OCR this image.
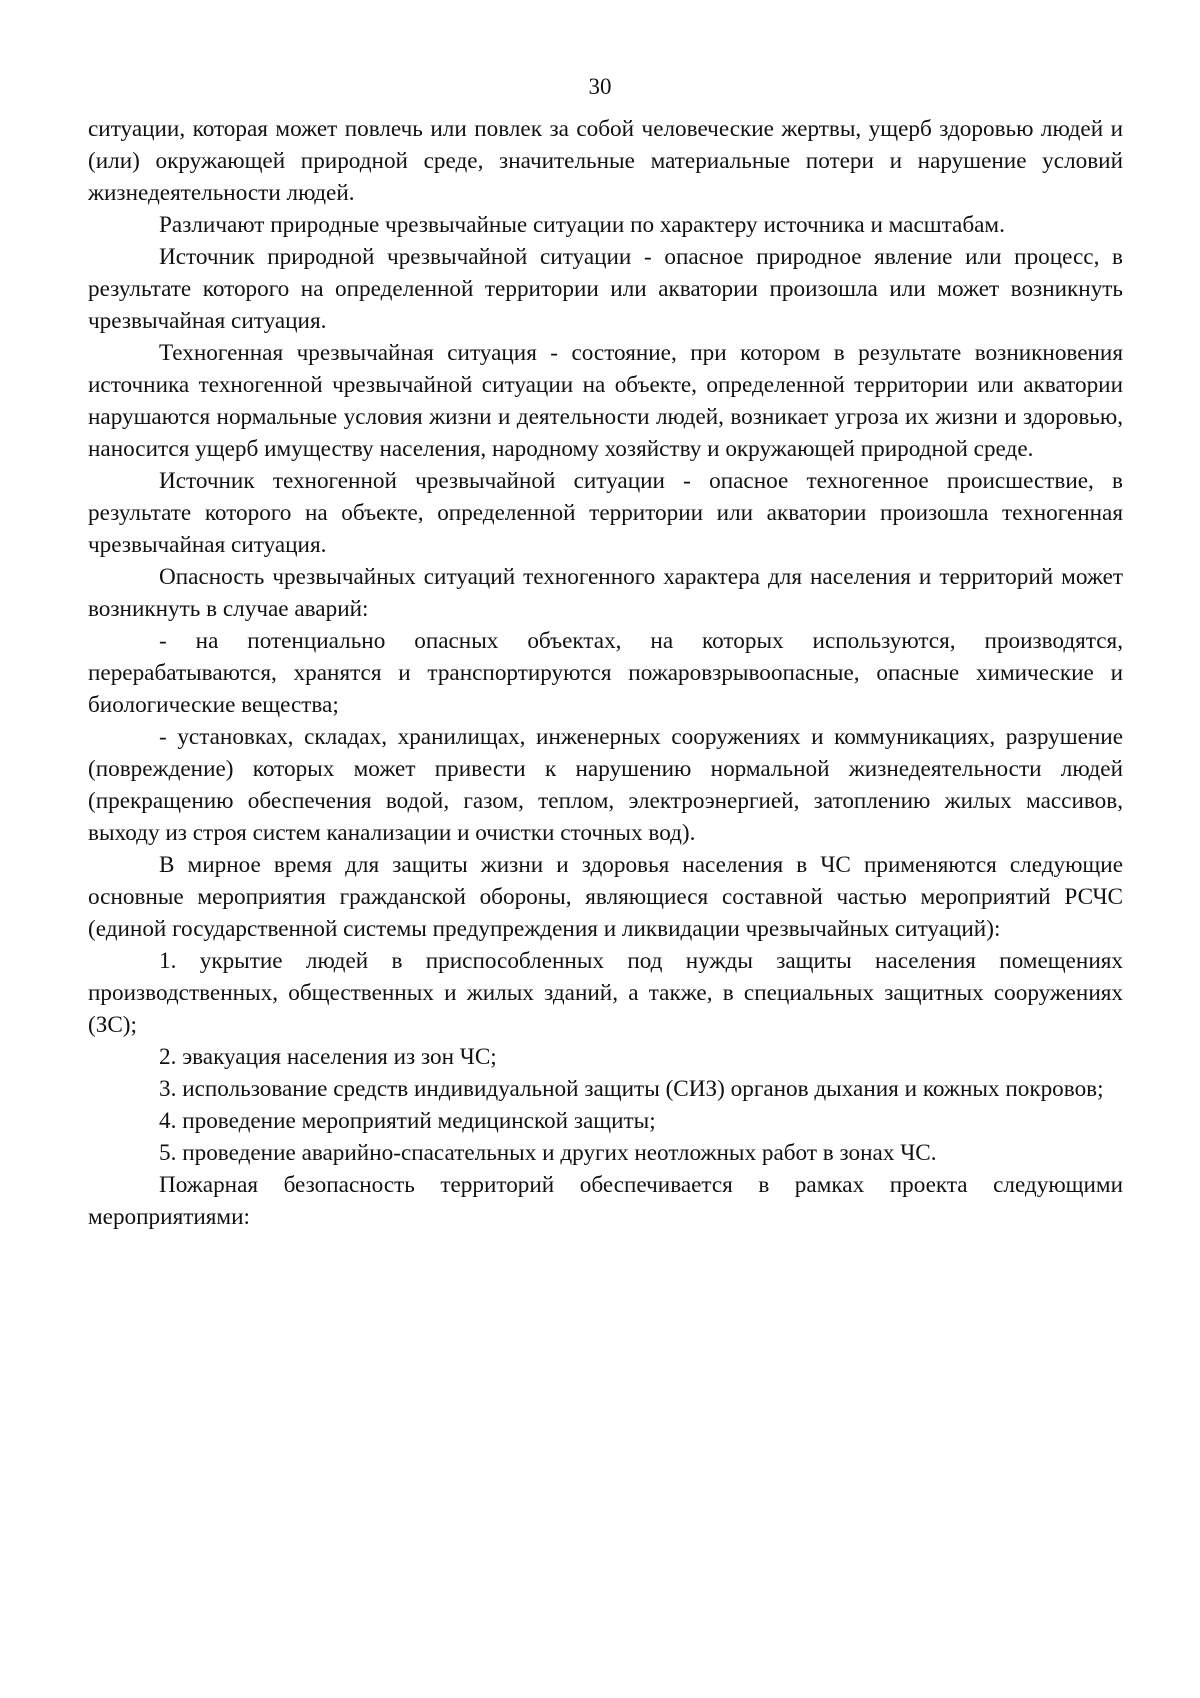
30

ситуации, которая может повлечь или повлек за собой человеческие жертвы, ущерб здоровью людей и (или) окружающей природной среде, значительные материальные потери и нарушение условий жизнедеятельности людей.

Различают природные чрезвычайные ситуации по характеру источника и масштабам.

Источник природной чрезвычайной ситуации - опасное природное явление или процесс, в результате которого на определенной территории или акватории произошла или может возникнуть чрезвычайная ситуация.

Техногенная чрезвычайная ситуация - состояние, при котором в результате возникновения источника техногенной чрезвычайной ситуации на объекте, определенной территории или акватории нарушаются нормальные условия жизни и деятельности людей, возникает угроза их жизни и здоровью, наносится ущерб имуществу населения, народному хозяйству и окружающей природной среде.

Источник техногенной чрезвычайной ситуации - опасное техногенное происшествие, в результате которого на объекте, определенной территории или акватории произошла техногенная чрезвычайная ситуация.

Опасность чрезвычайных ситуаций техногенного характера для населения и территорий может возникнуть в случае аварий:

- на потенциально опасных объектах, на которых используются, производятся, перерабатываются, хранятся и транспортируются пожаровзрывоопасные, опасные химические и биологические вещества;

- установках, складах, хранилищах, инженерных сооружениях и коммуникациях, разрушение (повреждение) которых может привести к нарушению нормальной жизнедеятельности людей (прекращению обеспечения водой, газом, теплом, электроэнергией, затоплению жилых массивов, выходу из строя систем канализации и очистки сточных вод).

В мирное время для защиты жизни и здоровья населения в ЧС применяются следующие основные мероприятия гражданской обороны, являющиеся составной частью мероприятий РСЧС (единой государственной системы предупреждения и ликвидации чрезвычайных ситуаций):

1. укрытие людей в приспособленных под нужды защиты населения помещениях производственных, общественных и жилых зданий, а также, в специальных защитных сооружениях (ЗС);

2. эвакуация населения из зон ЧС;

3. использование средств индивидуальной защиты (СИЗ) органов дыхания и кожных покровов;

4. проведение мероприятий медицинской защиты;

5. проведение аварийно-спасательных и других неотложных работ в зонах ЧС.

Пожарная безопасность территорий обеспечивается в рамках проекта следующими мероприятиями:
